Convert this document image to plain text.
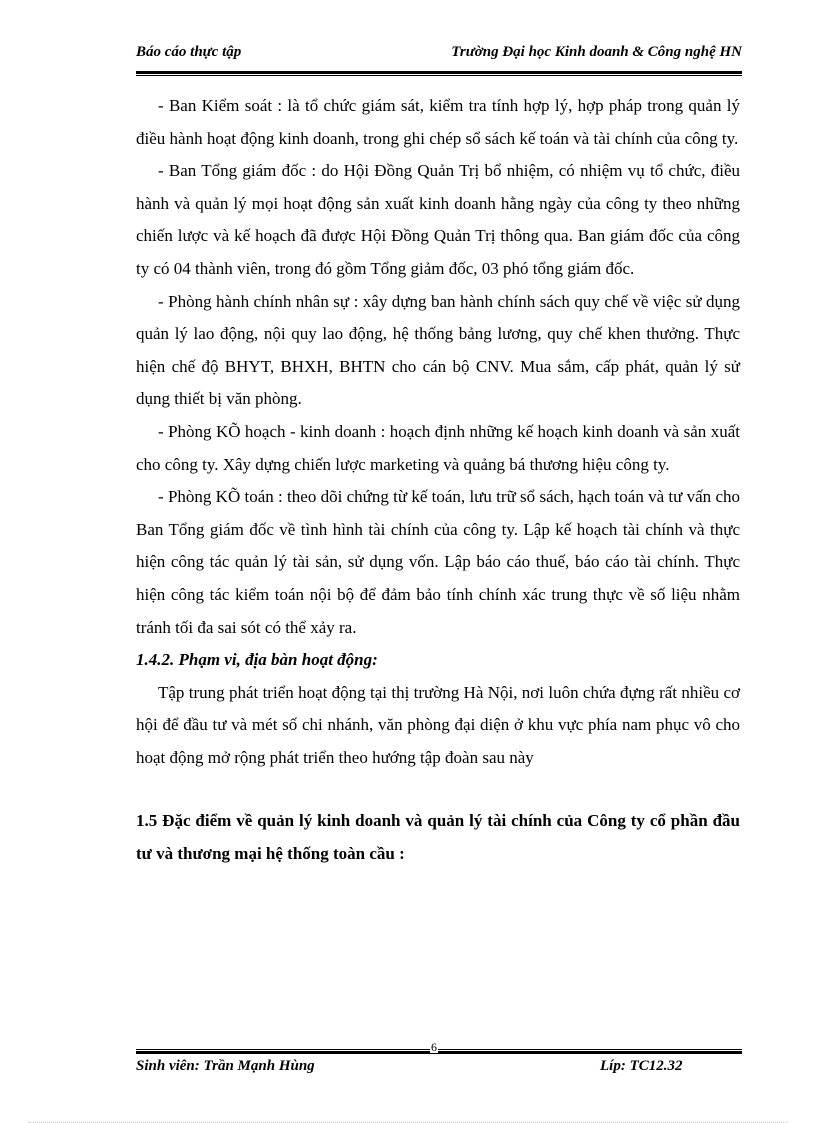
Báo cáo thực tập	Trường Đại học Kinh doanh & Công nghệ HN

- Ban Kiểm soát : là tổ chức giám sát, kiểm tra tính hợp lý, hợp pháp trong quản lý điều hành hoạt động kinh doanh, trong ghi chép sổ sách kế toán và tài chính của công ty.

- Ban Tổng giám đốc : do Hội Đồng Quản Trị bổ nhiệm, có nhiệm vụ tổ chức, điều hành và quản lý mọi hoạt động sản xuất kinh doanh hằng ngày của công ty theo những chiến lược và kế hoạch đã được Hội Đồng Quản Trị thông qua. Ban giám đốc của công ty có 04 thành viên, trong đó gồm Tổng giảm đốc, 03 phó tổng giám đốc.

- Phòng hành chính nhân sự : xây dựng ban hành chính sách quy chế về việc sử dụng quản lý lao động, nội quy lao động, hệ thống bảng lương, quy chế khen thưởng. Thực hiện chế độ BHYT, BHXH, BHTN cho cán bộ CNV. Mua sắm, cấp phát, quản lý sử dụng thiết bị văn phòng.

- Phòng KÕ hoạch - kinh doanh : hoạch định những kế hoạch kinh doanh và sản xuất cho công ty. Xây dựng chiến lược marketing và quảng bá thương hiệu công ty.

- Phòng KÕ toán : theo dõi chứng từ kế toán, lưu trữ sổ sách, hạch toán và tư vấn cho Ban Tổng giám đốc về tình hình tài chính của công ty. Lập kế hoạch tài chính và thực hiện công tác quản lý tài sản, sử dụng vốn. Lập báo cáo thuế, báo cáo tài chính. Thực hiện công tác kiểm toán nội bộ để đảm bảo tính chính xác trung thực về số liệu nhằm tránh tối đa sai sót có thể xảy ra.

1.4.2. Phạm vi, địa bàn hoạt động:

Tập trung phát triển hoạt động tại thị trường Hà Nội, nơi luôn chứa đựng rất nhiều cơ hội để đầu tư và mét số chi nhánh, văn phòng đại diện ở khu vực phía nam phục vô cho hoạt động mở rộng phát triển theo hướng tập đoàn sau này

1.5 Đặc điểm về quản lý kinh doanh và quản lý tài chính của Công ty cổ phần đầu tư và thương mại hệ thống toàn cầu :
6
Sinh viên: Trần Mạnh Hùng	Líp: TC12.32
